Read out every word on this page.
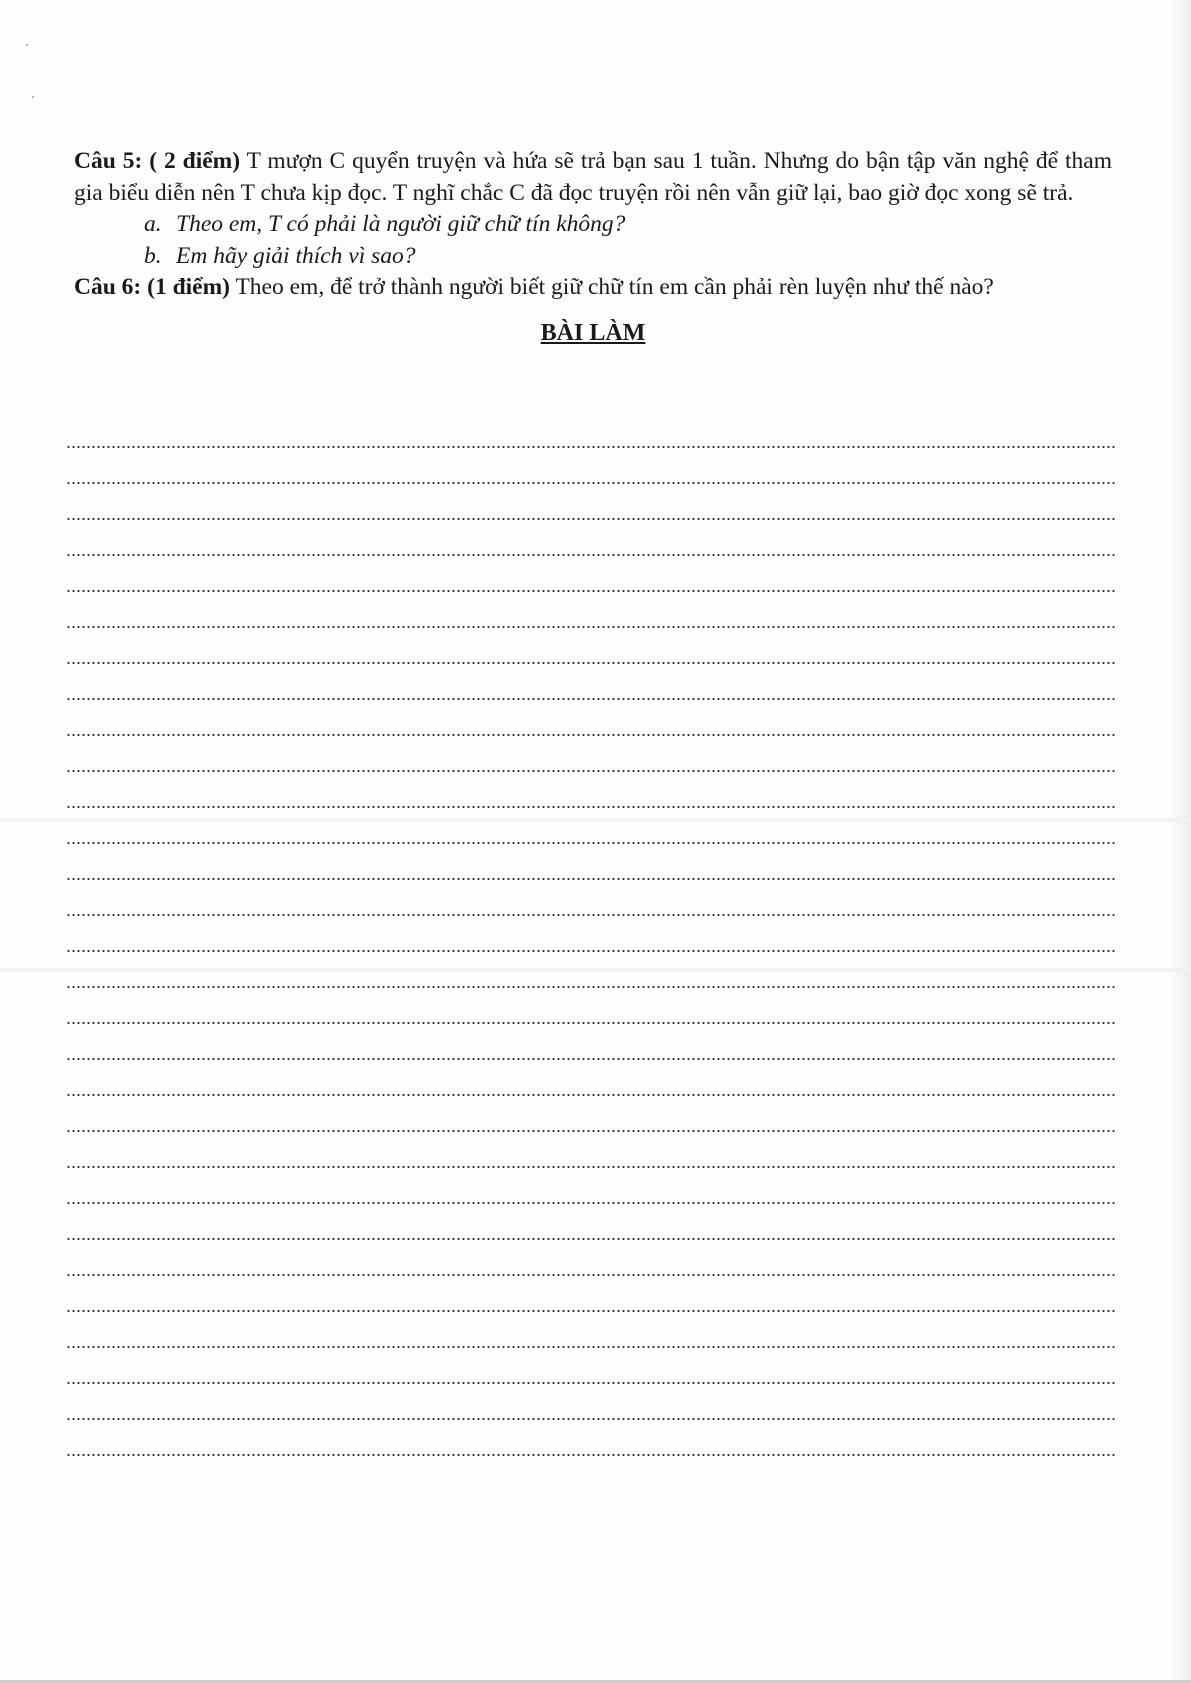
Câu 5: ( 2 điểm) T mượn C quyển truyện và hứa sẽ trả bạn sau 1 tuần. Nhưng do bận tập văn nghệ để tham gia biểu diễn nên T chưa kịp đọc. T nghĩ chắc C đã đọc truyện rồi nên vẫn giữ lại, bao giờ đọc xong sẽ trả.

a. Theo em, T có phải là người giữ chữ tín không?

b. Em hãy giải thích vì sao?

Câu 6: (1 điểm) Theo em, để trở thành người biết giữ chữ tín em cần phải rèn luyện như thế nào?

BÀI LÀM
